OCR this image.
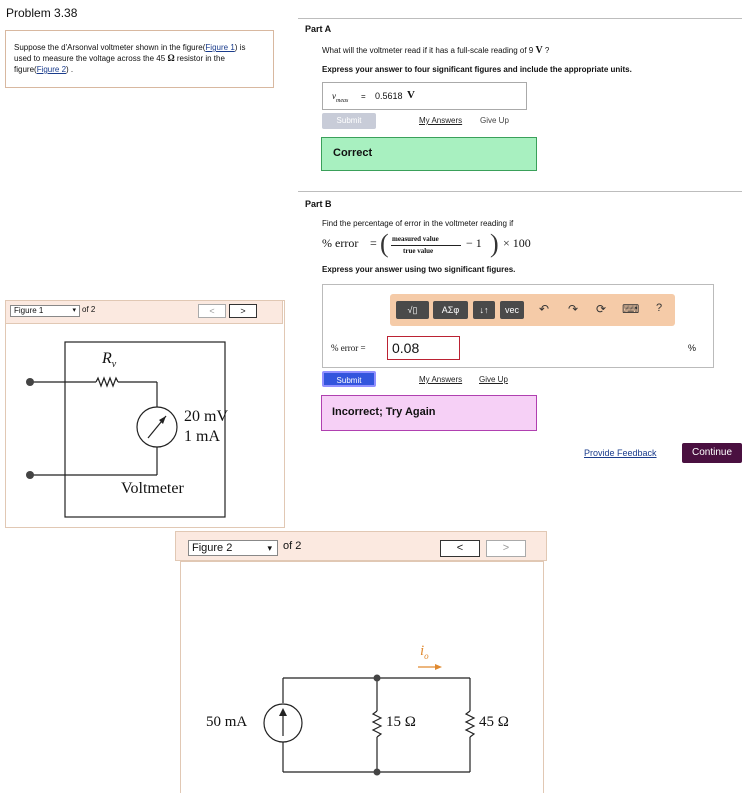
Problem 3.38
Suppose the d'Arsonval voltmeter shown in the figure(Figure 1) is used to measure the voltage across the 45 Ω resistor in the figure(Figure 2) .
Figure 1	▾ of 2	<	>
$R_v$
20 mV
1 mA
Voltmeter
Part A
What will the voltmeter read if it has a full-scale reading of 9 V ?
Express your answer to four significant figures and include the appropriate units.
$v_{meas} = 0.5618$ V
Submit	My Answers Give Up
Correct
Part B
Find the percentage of error in the voltmeter reading if
% error = ( measured value
true value
− 1 ) × 100
Express your answer using two significant figures.
√▯	ΑΣφ	↓↑	vec	↶ ↷ ⟳ ⌨	?
% error =	0.08	%
Submit	My Answers Give Up
Incorrect; Try Again
Provide Feedback	Continue
Figure 2	▾ of 2	<	>
$i_o$
50 mA	15 Ω	45 Ω
